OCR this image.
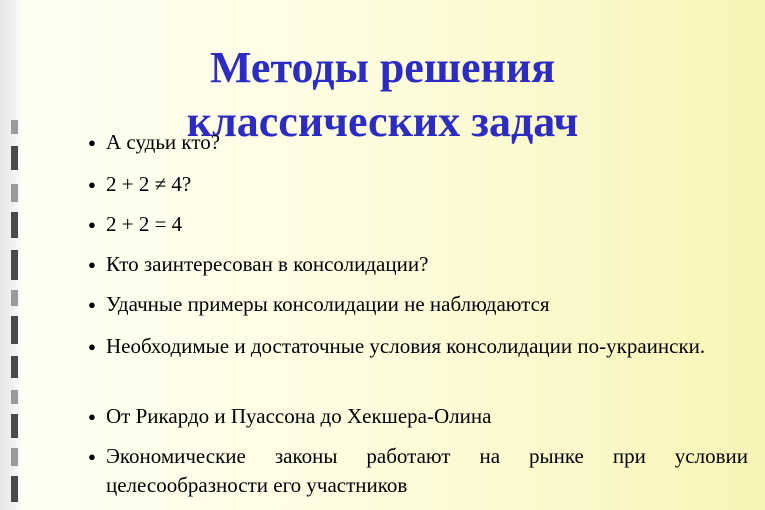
Методы решения
классических задач
● А судьи кто?
● 2 + 2 ≠ 4?
● 2 + 2 = 4
● Кто заинтересован в консолидации?
● Удачные примеры консолидации не наблюдаются
● Необходимые и достаточные условия консолидации по-украински.
● От Рикардо и Пуассона до Хекшера-Олина
● Экономические законы работают на рынке при условии целесообразности его участников
